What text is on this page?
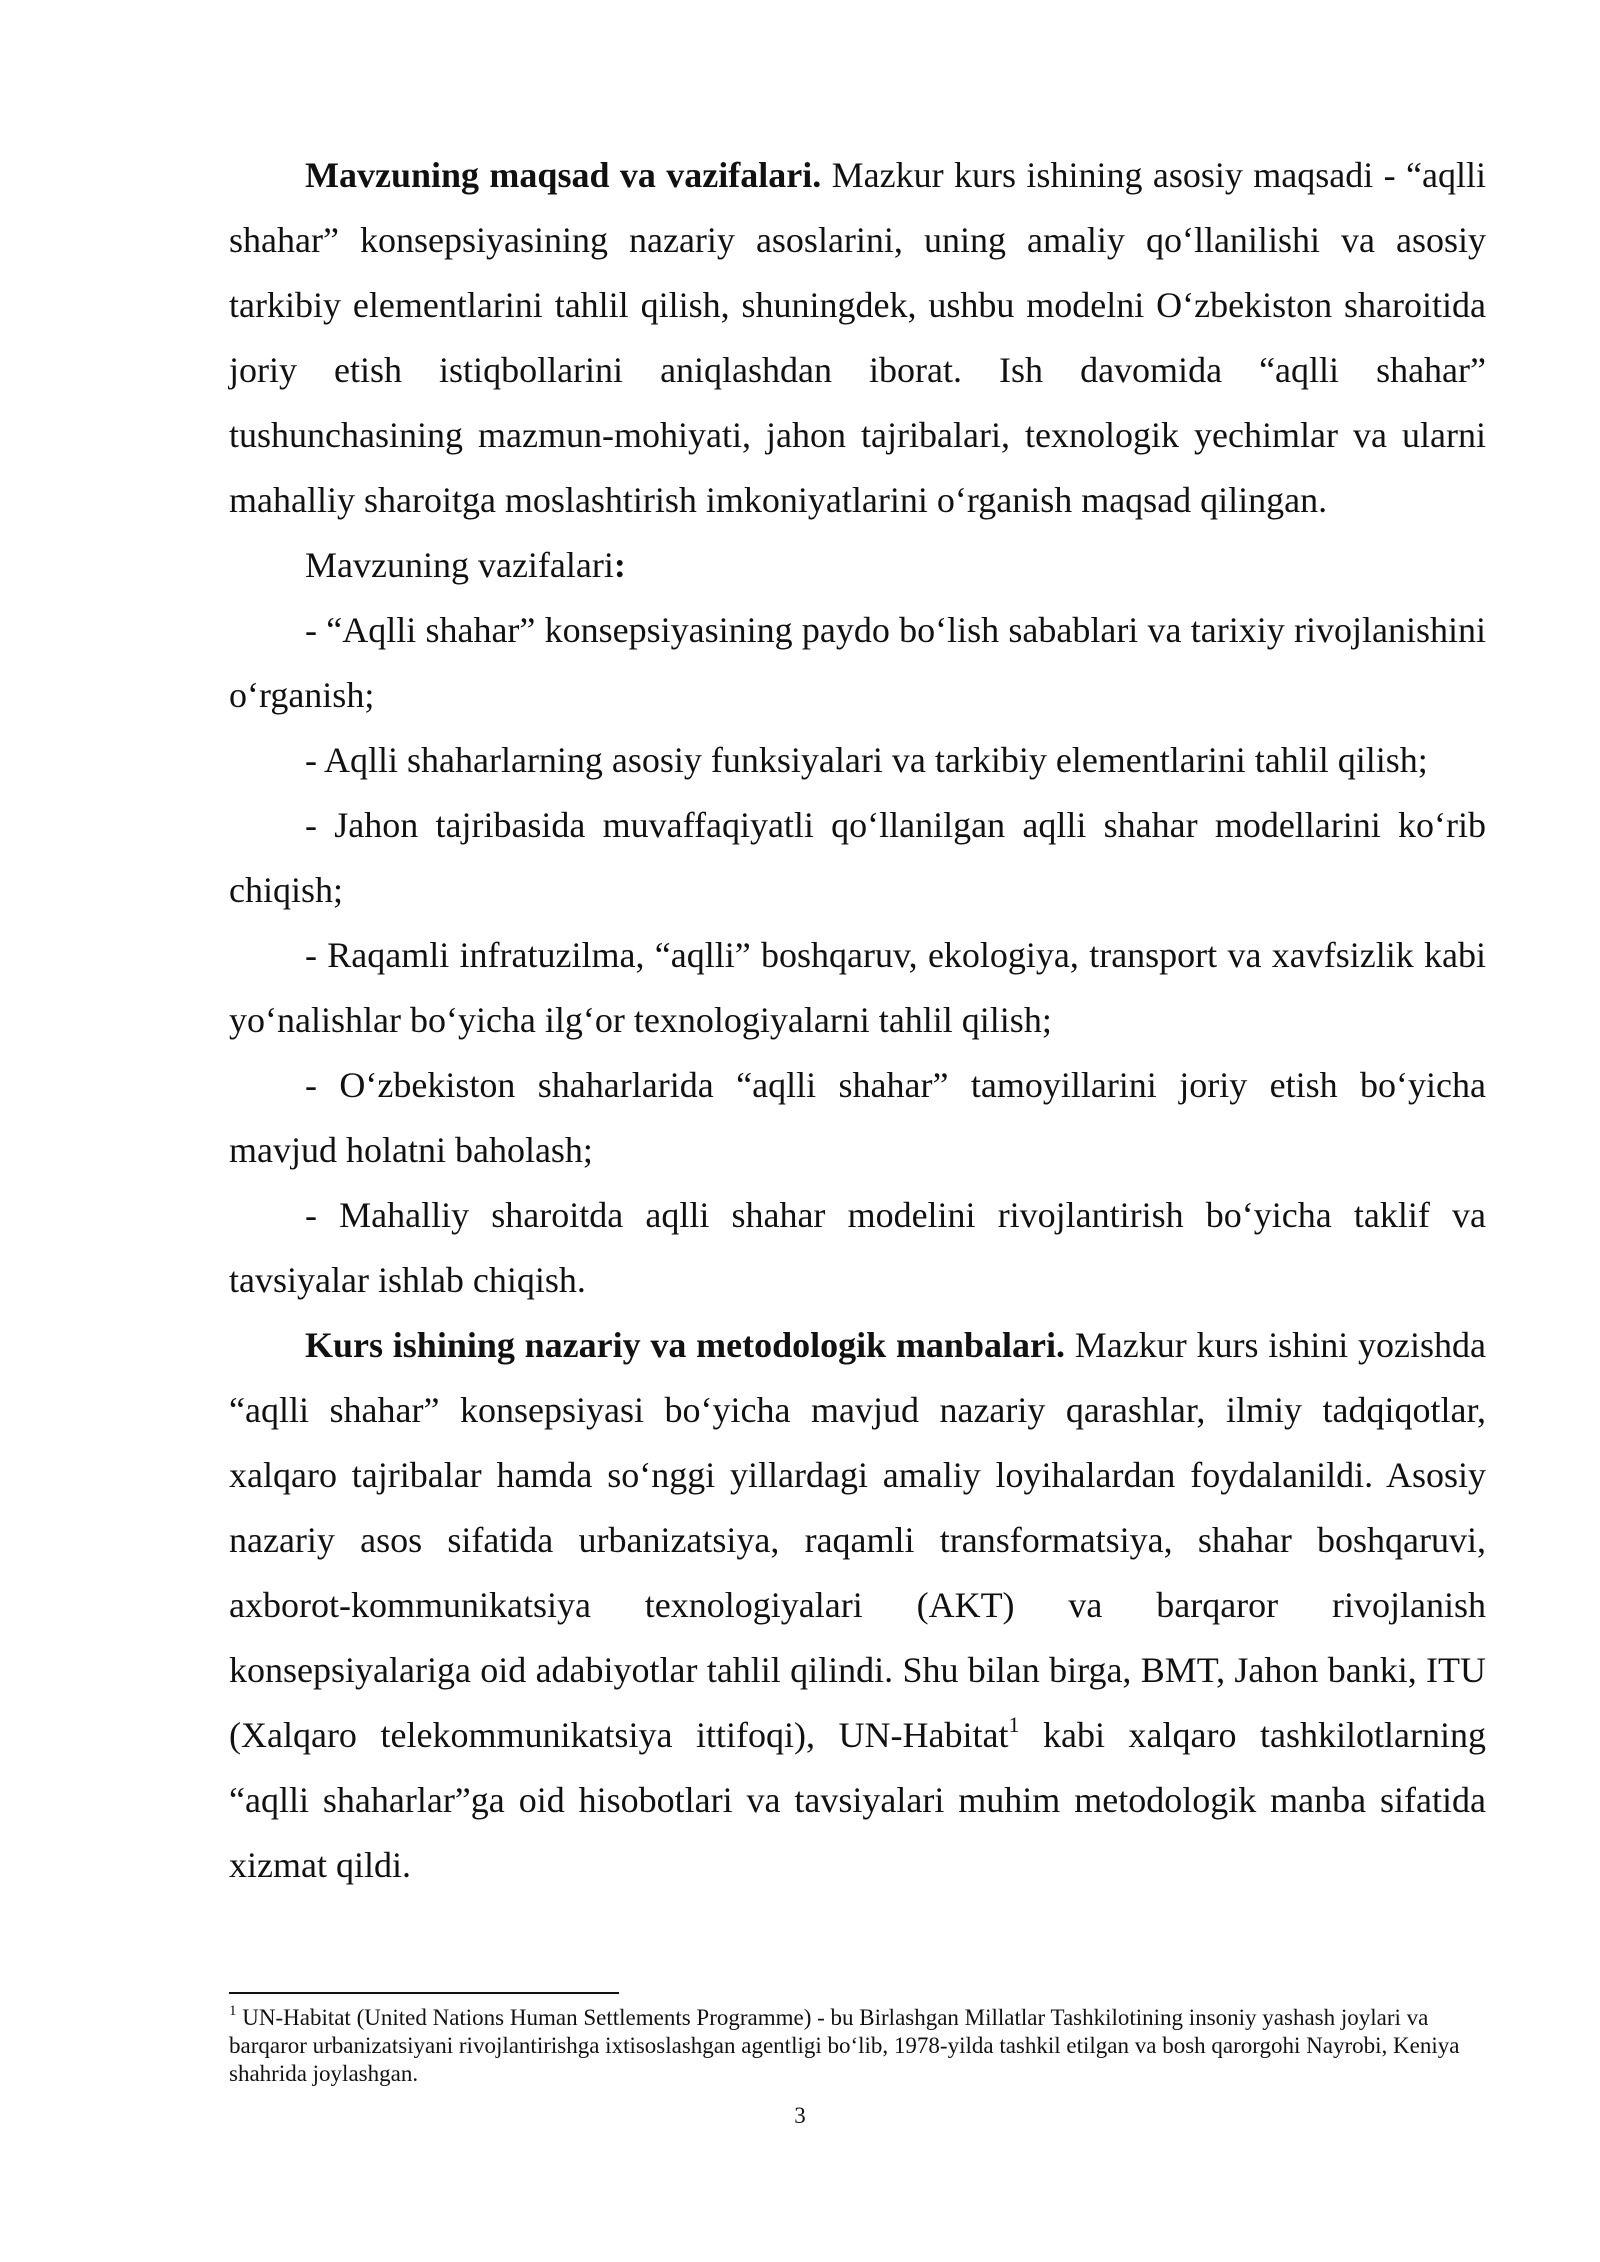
Mavzuning maqsad va vazifalari. Mazkur kurs ishining asosiy maqsadi - “aqlli shahar” konsepsiyasining nazariy asoslarini, uning amaliy qo‘llanilishi va asosiy tarkibiy elementlarini tahlil qilish, shuningdek, ushbu modelni O‘zbekiston sharoitida joriy etish istiqbollarini aniqlashdan iborat. Ish davomida “aqlli shahar” tushunchasining mazmun-mohiyati, jahon tajribalari, texnologik yechimlar va ularni mahalliy sharoitga moslashtirish imkoniyatlarini o‘rganish maqsad qilingan.

Mavzuning vazifalari:

- “Aqlli shahar” konsepsiyasining paydo bo‘lish sabablari va tarixiy rivojlanishini o‘rganish;

- Aqlli shaharlarning asosiy funksiyalari va tarkibiy elementlarini tahlil qilish;

- Jahon tajribasida muvaffaqiyatli qo‘llanilgan aqlli shahar modellarini ko‘rib chiqish;

- Raqamli infratuzilma, “aqlli” boshqaruv, ekologiya, transport va xavfsizlik kabi yo‘nalishlar bo‘yicha ilg‘or texnologiyalarni tahlil qilish;

- O‘zbekiston shaharlarida “aqlli shahar” tamoyillarini joriy etish bo‘yicha mavjud holatni baholash;

- Mahalliy sharoitda aqlli shahar modelini rivojlantirish bo‘yicha taklif va tavsiyalar ishlab chiqish.

Kurs ishining nazariy va metodologik manbalari. Mazkur kurs ishini yozishda “aqlli shahar” konsepsiyasi bo‘yicha mavjud nazariy qarashlar, ilmiy tadqiqotlar, xalqaro tajribalar hamda so‘nggi yillardagi amaliy loyihalardan foydalanildi. Asosiy nazariy asos sifatida urbanizatsiya, raqamli transformatsiya, shahar boshqaruvi, axborot-kommunikatsiya texnologiyalari (AKT) va barqaror rivojlanish konsepsiyalariga oid adabiyotlar tahlil qilindi. Shu bilan birga, BMT, Jahon banki, ITU (Xalqaro telekommunikatsiya ittifoqi), UN-Habitat$^1$ kabi xalqaro tashkilotlarning “aqlli shaharlar”ga oid hisobotlari va tavsiyalari muhim metodologik manba sifatida xizmat qildi.

$^1$ UN-Habitat (United Nations Human Settlements Programme) - bu Birlashgan Millatlar Tashkilotining insoniy yashash joylari va barqaror urbanizatsiyani rivojlantirishga ixtisoslashgan agentligi bo‘lib, 1978-yilda tashkil etilgan va bosh qarorgohi Nayrobi, Keniya shahrida joylashgan.
3
